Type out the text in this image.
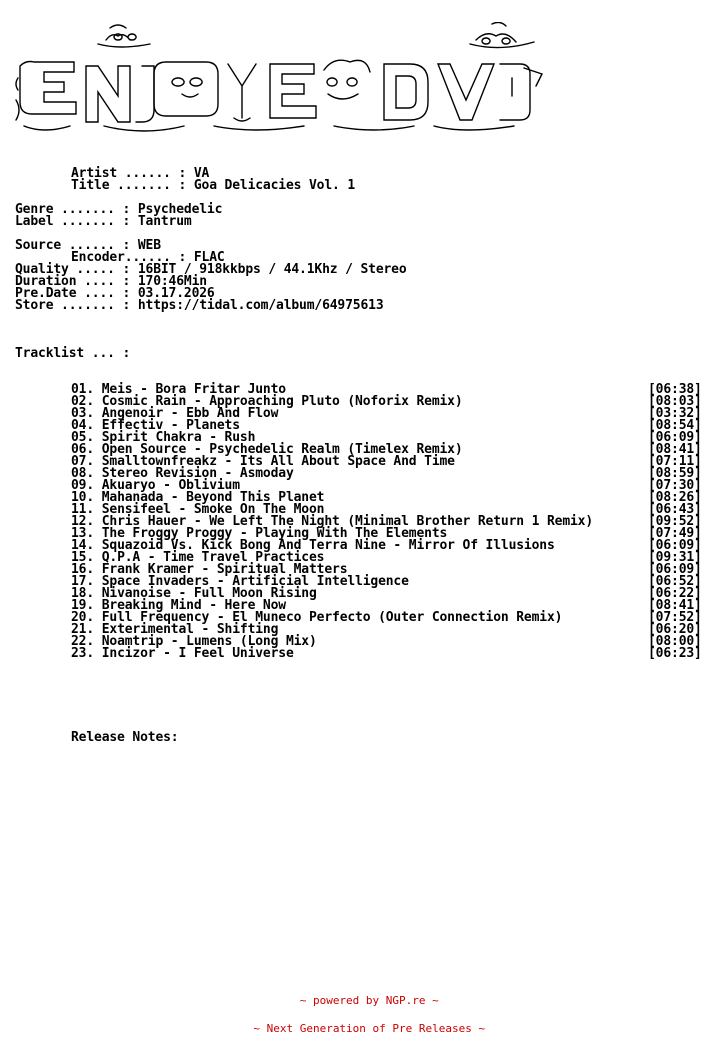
Artist ...... : VA
Title ....... : Goa Delicacies Vol. 1
Genre ....... : Psychedelic
Label ....... : Tantrum
Source ...... : WEB
Encoder...... : FLAC
Quality ..... : 16BIT / 918kkbps / 44.1Khz / Stereo
Duration .... : 170:46Min
Pre.Date .... : 03.17.2026
Store ....... : https://tidal.com/album/64975613
Tracklist ... :
01. Meis - Bora Fritar Junto	[06:38]
02. Cosmic Rain - Approaching Pluto (Noforix Remix)	[08:03]
03. Angenoir - Ebb And Flow	[03:32]
04. Effectiv - Planets	[08:54]
05. Spirit Chakra - Rush	[06:09]
06. Open Source - Psychedelic Realm (Timelex Remix)	[08:41]
07. Smalltownfreakz - Its All About Space And Time	[07:11]
08. Stereo Revision - Asmoday	[08:59]
09. Akuaryo - Oblivium	[07:30]
10. Mahanada - Beyond This Planet	[08:26]
11. Sensifeel - Smoke On The Moon	[06:43]
12. Chris Hauer - We Left The Night (Minimal Brother Return 1 Remix)	[09:52]
13. The Froggy Proggy - Playing With The Elements	[07:49]
14. Squazoid Vs. Kick Bong And Terra Nine - Mirror Of Illusions	[06:09]
15. Q.P.A - Time Travel Practices	[09:31]
16. Frank Kramer - Spiritual Matters	[06:09]
17. Space Invaders - Artificial Intelligence	[06:52]
18. Nivanoise - Full Moon Rising	[06:22]
19. Breaking Mind - Here Now	[08:41]
20. Full Frequency - El Muneco Perfecto (Outer Connection Remix)	[07:52]
21. Exterimental - Shifting	[06:20]
22. Noamtrip - Lumens (Long Mix)	[08:00]
23. Incizor - I Feel Universe	[06:23]
Release Notes:

~ powered by NGP.re ~

~ Next Generation of Pre Releases ~
